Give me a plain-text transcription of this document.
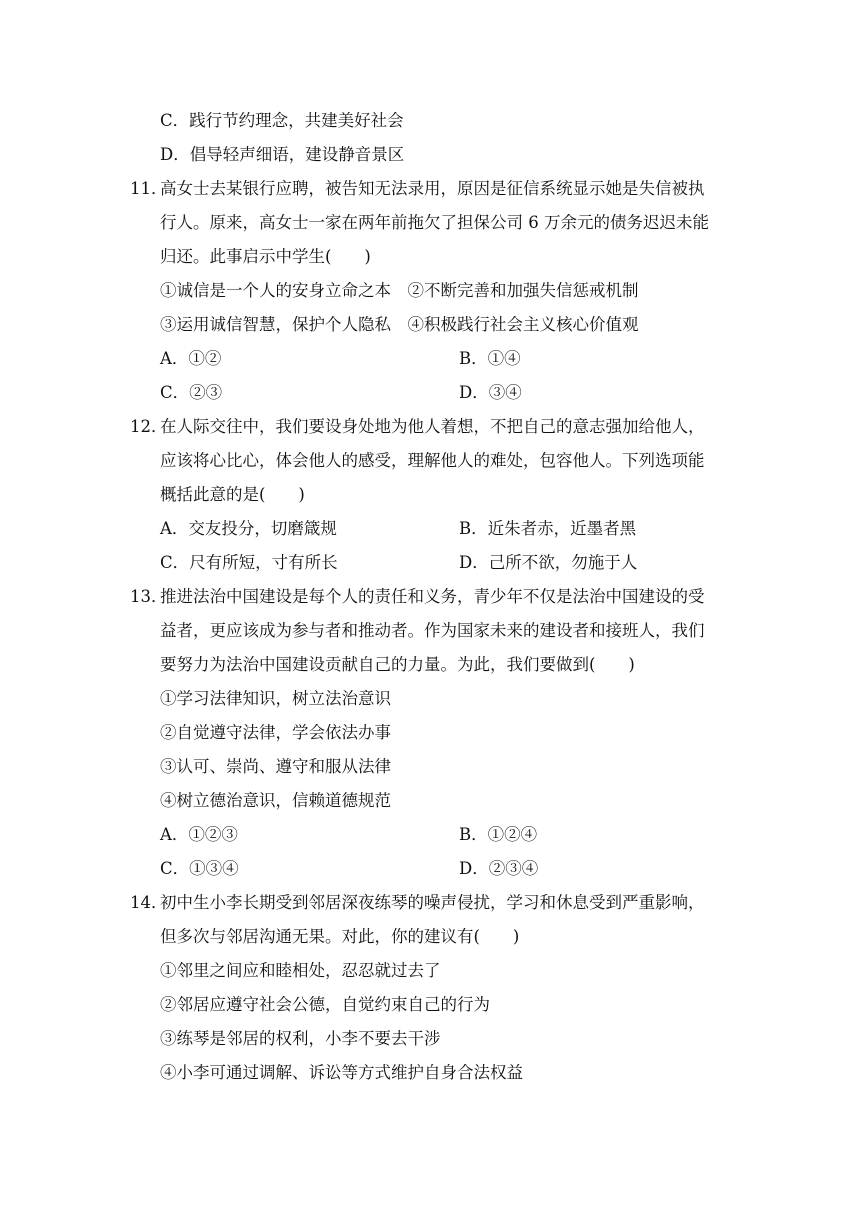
C．践行节约理念，共建美好社会
D．倡导轻声细语，建设静音景区
11．
高女士去某银行应聘，被告知无法录用，原因是征信系统显示她是失信被执
行人。原来，高女士一家在两年前拖欠了担保公司 6 万余元的债务迟迟未能
归还。此事启示中学生(　　)
①诚信是一个人的安身立命之本　②不断完善和加强失信惩戒机制
③运用诚信智慧，保护个人隐私　④积极践行社会主义核心价值观
A．①②	B．①④
C．②③	D．③④
12．
在人际交往中，我们要设身处地为他人着想，不把自己的意志强加给他人，
应该将心比心，体会他人的感受，理解他人的难处，包容他人。下列选项能
概括此意的是(　　)
A．交友投分，切磨箴规	B．近朱者赤，近墨者黑
C．尺有所短，寸有所长	D．己所不欲，勿施于人
13．
推进法治中国建设是每个人的责任和义务，青少年不仅是法治中国建设的受
益者，更应该成为参与者和推动者。作为国家未来的建设者和接班人，我们
要努力为法治中国建设贡献自己的力量。为此，我们要做到(　　)
①学习法律知识，树立法治意识
②自觉遵守法律，学会依法办事
③认可、崇尚、遵守和服从法律
④树立德治意识，信赖道德规范
A．①②③	B．①②④
C．①③④	D．②③④
14．
初中生小李长期受到邻居深夜练琴的噪声侵扰，学习和休息受到严重影响，
但多次与邻居沟通无果。对此，你的建议有(　　)
①邻里之间应和睦相处，忍忍就过去了
②邻居应遵守社会公德，自觉约束自己的行为
③练琴是邻居的权利，小李不要去干涉
④小李可通过调解、诉讼等方式维护自身合法权益
